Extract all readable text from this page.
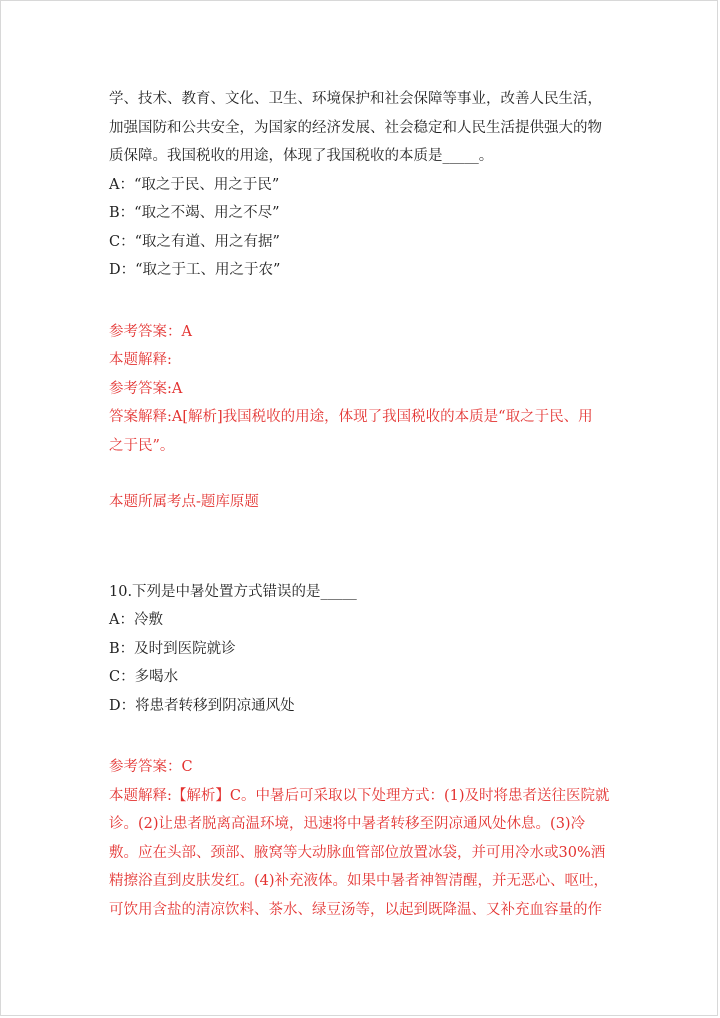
学、技术、教育、文化、卫生、环境保护和社会保障等事业，改善人民生活，
加强国防和公共安全，为国家的经济发展、社会稳定和人民生活提供强大的物
质保障。我国税收的用途，体现了我国税收的本质是_____。
A：“取之于民、用之于民”
B：“取之不竭、用之不尽”
C：“取之有道、用之有据”
D：“取之于工、用之于农”
参考答案：A
本题解释:
参考答案:A
答案解释:A[解析]我国税收的用途，体现了我国税收的本质是“取之于民、用
之于民”。
本题所属考点-题库原题
10.下列是中暑处置方式错误的是_____
A：冷敷
B：及时到医院就诊
C：多喝水
D：将患者转移到阴凉通风处
参考答案：C
本题解释:【解析】C。中暑后可采取以下处理方式：(1)及时将患者送往医院就
诊。(2)让患者脱离高温环境，迅速将中暑者转移至阴凉通风处休息。(3)冷
敷。应在头部、颈部、腋窝等大动脉血管部位放置冰袋，并可用冷水或30%酒
精擦浴直到皮肤发红。(4)补充液体。如果中暑者神智清醒，并无恶心、呕吐，
可饮用含盐的清凉饮料、茶水、绿豆汤等，以起到既降温、又补充血容量的作
